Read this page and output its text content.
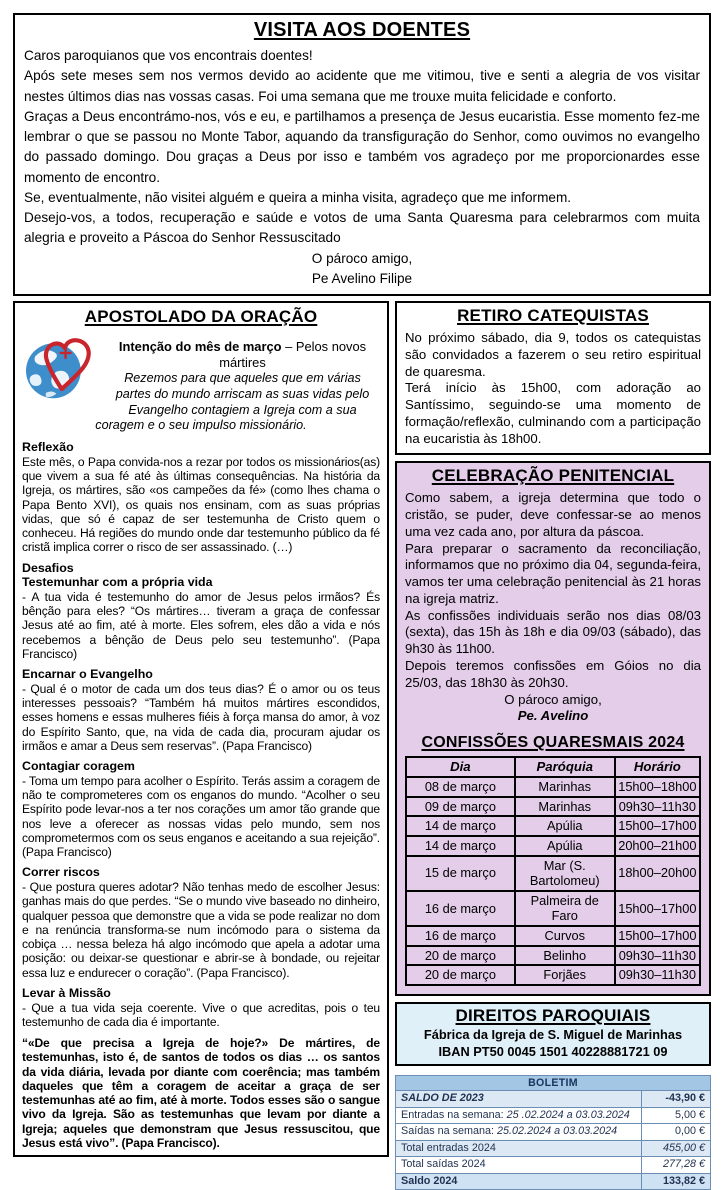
VISITA AOS DOENTES

Caros paroquianos que vos encontrais doentes!

Após sete meses sem nos vermos devido ao acidente que me vitimou, tive e senti a alegria de vos visitar nestes últimos dias nas vossas casas. Foi uma semana que me trouxe muita felicidade e conforto.

Graças a Deus encontrámo-nos, vós e eu, e partilhamos a presença de Jesus eucaristia. Esse momento fez-me lembrar o que se passou no Monte Tabor, aquando da transfiguração do Senhor, como ouvimos no evangelho do passado domingo. Dou graças a Deus por isso e também vos agradeço por me proporcionardes esse momento de encontro.

Se, eventualmente, não visitei alguém e queira a minha visita, agradeço que me informem.

Desejo-vos, a todos, recuperação e saúde e votos de uma Santa Quaresma para celebrarmos com muita alegria e proveito a Páscoa do Senhor Ressuscitado

O pároco amigo,

Pe Avelino Filipe

APOSTOLADO DA ORAÇÃO
Intenção do mês de março – Pelos novos mártires
Rezemos para que aqueles que em várias partes do mundo arriscam as suas vidas pelo Evangelho contagiem a Igreja com a sua coragem e o seu impulso missionário.
Reflexão

Este mês, o Papa convida-nos a rezar por todos os missionários(as) que vivem a sua fé até às últimas consequências. Na história da Igreja, os mártires, são «os campeões da fé» (como lhes chama o Papa Bento XVI), os quais nos ensinam, com as suas próprias vidas, que só é capaz de ser testemunha de Cristo quem o conheceu. Há regiões do mundo onde dar testemunho público da fé cristã implica correr o risco de ser assassinado. (…)

Desafios
Testemunhar com a própria vida

- A tua vida é testemunho do amor de Jesus pelos irmãos? És bênção para eles? “Os mártires… tiveram a graça de confessar Jesus até ao fim, até à morte. Eles sofrem, eles dão a vida e nós recebemos a bênção de Deus pelo seu testemunho”. (Papa Francisco)

Encarnar o Evangelho

- Qual é o motor de cada um dos teus dias? É o amor ou os teus interesses pessoais? “Também há muitos mártires escondidos, esses homens e essas mulheres fiéis à força mansa do amor, à voz do Espírito Santo, que, na vida de cada dia, procuram ajudar os irmãos e amar a Deus sem reservas”. (Papa Francisco)

Contagiar coragem

- Toma um tempo para acolher o Espírito. Terás assim a coragem de não te comprometeres com os enganos do mundo. “Acolher o seu Espírito pode levar-nos a ter nos corações um amor tão grande que nos leve a oferecer as nossas vidas pelo mundo, sem nos comprometermos com os seus enganos e aceitando a sua rejeição”. (Papa Francisco)

Correr riscos

- Que postura queres adotar? Não tenhas medo de escolher Jesus: ganhas mais do que perdes. “Se o mundo vive baseado no dinheiro, qualquer pessoa que demonstre que a vida se pode realizar no dom e na renúncia transforma-se num incómodo para o sistema da cobiça … nessa beleza há algo incómodo que apela a adotar uma posição: ou deixar-se questionar e abrir-se à bondade, ou rejeitar essa luz e endurecer o coração”. (Papa Francisco).

Levar à Missão

- Que a tua vida seja coerente. Vive o que acreditas, pois o teu testemunho de cada dia é importante.

“«De que precisa a Igreja de hoje?» De mártires, de testemunhas, isto é, de santos de todos os dias … os santos da vida diária, levada por diante com coerência; mas também daqueles que têm a coragem de aceitar a graça de ser testemunhas até ao fim, até à morte. Todos esses são o sangue vivo da Igreja. São as testemunhas que levam por diante a Igreja; aqueles que demonstram que Jesus ressuscitou, que Jesus está vivo”. (Papa Francisco).

RETIRO CATEQUISTAS

No próximo sábado, dia 9, todos os catequistas são convidados a fazerem o seu retiro espiritual de quaresma.

Terá início às 15h00, com adoração ao Santíssimo, seguindo-se uma momento de formação/reflexão, culminando com a participação na eucaristia às 18h00.

CELEBRAÇÃO PENITENCIAL

Como sabem, a igreja determina que todo o cristão, se puder, deve confessar-se ao menos uma vez cada ano, por altura da páscoa.

Para preparar o sacramento da reconciliação, informamos que no próximo dia 04, segunda-feira, vamos ter uma celebração penitencial às 21 horas na igreja matriz.

As confissões individuais serão nos dias 08/03 (sexta), das 15h às 18h e dia 09/03 (sábado), das 9h30 às 11h00.

Depois teremos confissões em Góios no dia 25/03, das 18h30 às 20h30.

O pároco amigo,

Pe. Avelino

CONFISSÕES QUARESMAIS 2024
Dia	Paróquia	Horário
08 de março	Marinhas	15h00–18h00
09 de março	Marinhas	09h30–11h30
14 de março	Apúlia	15h00–17h00
14 de março	Apúlia	20h00–21h00
15 de março	Mar (S. Bartolomeu)	18h00–20h00
16 de março	Palmeira de Faro	15h00–17h00
16 de março	Curvos	15h00–17h00
20 de março	Belinho	09h30–11h30
20 de março	Forjães	09h30–11h30
DIREITOS PAROQUIAIS
Fábrica da Igreja de S. Miguel de Marinhas
IBAN PT50 0045 1501 40228881721 09
BOLETIM	
SALDO DE 2023	-43,90 €
Entradas na semana: 25 .02.2024 a 03.03.2024	5,00 €
Saídas na semana: 25.02.2024 a 03.03.2024	0,00 €
Total entradas 2024	455,00 €
Total saídas 2024	277,28 €
Saldo 2024	133,82 €
